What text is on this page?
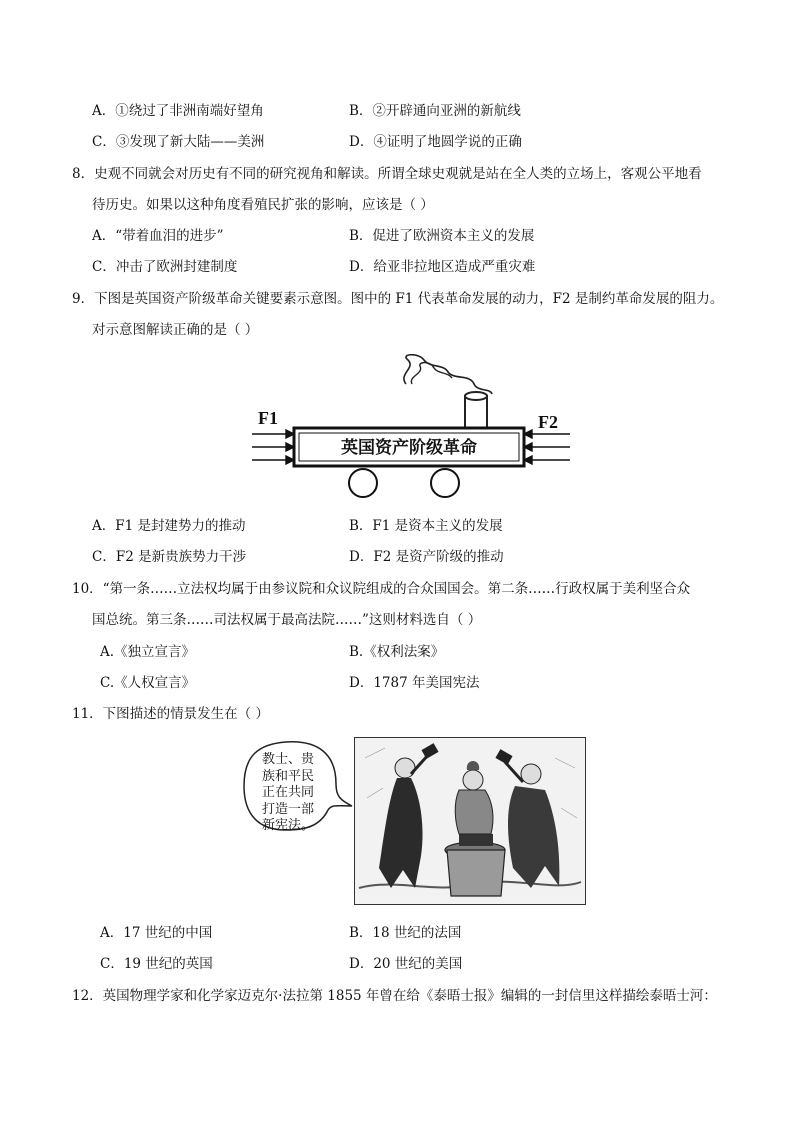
A．①绕过了非洲南端好望角	B．②开辟通向亚洲的新航线
C．③发现了新大陆——美洲	D．④证明了地圆学说的正确
8．史观不同就会对历史有不同的研究视角和解读。所谓全球史观就是站在全人类的立场上，客观公平地看
待历史。如果以这种角度看殖民扩张的影响，应该是（ ）
A．“带着血泪的进步”	B．促进了欧洲资本主义的发展
C．冲击了欧洲封建制度	D．给亚非拉地区造成严重灾难
9．下图是英国资产阶级革命关键要素示意图。图中的 F1 代表革命发展的动力，F2 是制约革命发展的阻力。
对示意图解读正确的是（ ）
英国资产阶级革命
F1	F2
A．F1 是封建势力的推动	B．F1 是资本主义的发展
C．F2 是新贵族势力干涉	D．F2 是资产阶级的推动
10．“第一条……立法权均属于由参议院和众议院组成的合众国国会。第二条……行政权属于美利坚合众
国总统。第三条……司法权属于最高法院……”这则材料选自（ ）
A.《独立宣言》	B.《权利法案》
C.《人权宣言》	D．1787 年美国宪法
11．下图描述的情景发生在（ ）
教士、贵族和平民正在共同打造一部新宪法。
A．17 世纪的中国	B．18 世纪的法国
C．19 世纪的英国	D．20 世纪的美国
12．英国物理学家和化学家迈克尔·法拉第 1855 年曾在给《泰晤士报》编辑的一封信里这样描绘泰晤士河：
